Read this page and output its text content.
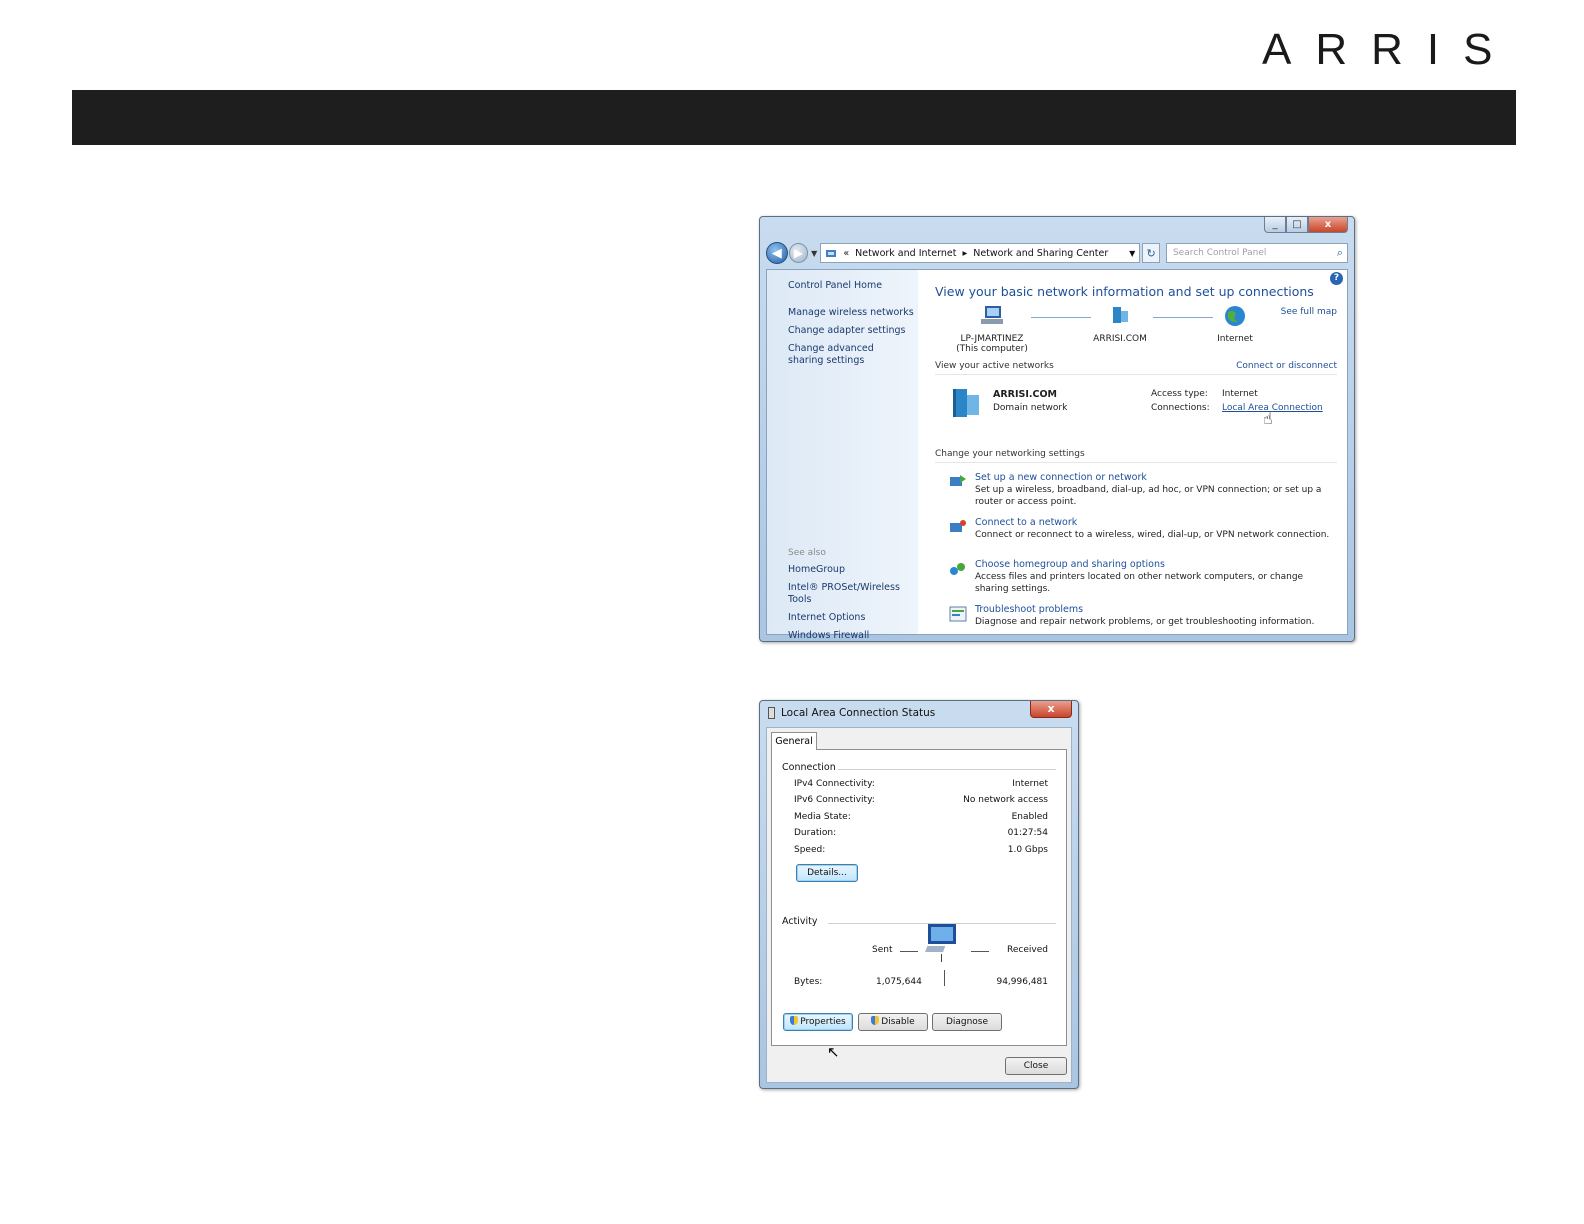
ARRIS
_	□	x
◀ ▶	▼	« Network and Internet ▸ Network and Sharing Center	▼	↻	Search Control Panel	⌕
Control Panel Home
Manage wireless networks
Change adapter settings
Change advanced sharing settings
See also
HomeGroup
Intel® PROSet/Wireless Tools
Internet Options
Windows Firewall
?
View your basic network information and set up connections
LP-JMARTINEZ
(This computer)
ARRISI.COM	Internet
See full map
View your active networks	Connect or disconnect
ARRISI.COM
Domain network
Access type: Internet
Connections: Local Area Connection
☝
Change your networking settings
Set up a new connection or network
Set up a wireless, broadband, dial-up, ad hoc, or VPN connection; or set up a router or access point.
Connect to a network
Connect or reconnect to a wireless, wired, dial-up, or VPN network connection.
Choose homegroup and sharing options
Access files and printers located on other network computers, or change sharing settings.
Troubleshoot problems
Diagnose and repair network problems, or get troubleshooting information.
Local Area Connection Status	x
General
Connection
IPv4 Connectivity:	Internet
IPv6 Connectivity:	No network access
Media State:	Enabled
Duration:	01:27:54
Speed:	1.0 Gbps
Details...
Activity
Sent	Received
Bytes:	1,075,644	94,996,481
Properties	Disable	Diagnose
↖
Close
